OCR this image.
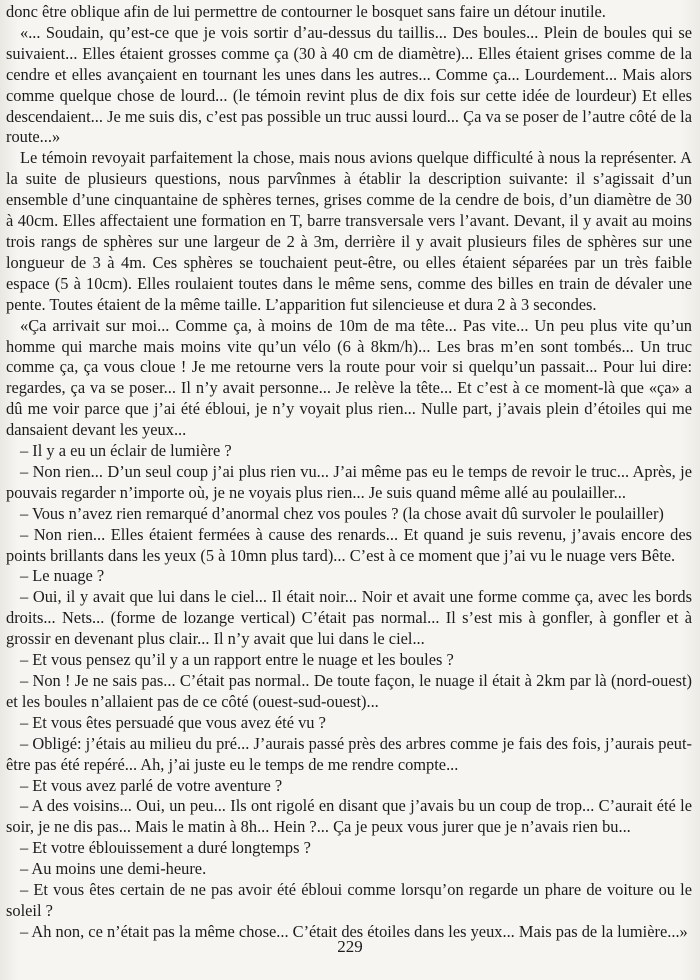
donc être oblique afin de lui permettre de contourner le bosquet sans faire un détour inutile.

«... Soudain, qu’est-ce que je vois sortir d’au-dessus du taillis... Des boules... Plein de boules qui se suivaient... Elles étaient grosses comme ça (30 à 40 cm de diamètre)... Elles étaient grises comme de la cendre et elles avançaient en tournant les unes dans les autres... Comme ça... Lourdement... Mais alors comme quelque chose de lourd... (le témoin revint plus de dix fois sur cette idée de lourdeur) Et elles descendaient... Je me suis dis, c’est pas possible un truc aussi lourd... Ça va se poser de l’autre côté de la route...»

Le témoin revoyait parfaitement la chose, mais nous avions quelque difficulté à nous la représenter. A la suite de plusieurs questions, nous parvînmes à établir la description suivante: il s’agissait d’un ensemble d’une cinquantaine de sphères ternes, grises comme de la cendre de bois, d’un diamètre de 30 à 40cm. Elles affectaient une formation en T, barre transversale vers l’avant. Devant, il y avait au moins trois rangs de sphères sur une largeur de 2 à 3m, derrière il y avait plusieurs files de sphères sur une longueur de 3 à 4m. Ces sphères se touchaient peut-être, ou elles étaient séparées par un très faible espace (5 à 10cm). Elles roulaient toutes dans le même sens, comme des billes en train de dévaler une pente. Toutes étaient de la même taille. L’apparition fut silencieuse et dura 2 à 3 secondes.

«Ça arrivait sur moi... Comme ça, à moins de 10m de ma tête... Pas vite... Un peu plus vite qu’un homme qui marche mais moins vite qu’un vélo (6 à 8km/h)... Les bras m’en sont tombés... Un truc comme ça, ça vous cloue ! Je me retourne vers la route pour voir si quelqu’un passait... Pour lui dire: regardes, ça va se poser... Il n’y avait personne... Je relève la tête... Et c’est à ce moment-là que «ça» a dû me voir parce que j’ai été ébloui, je n’y voyait plus rien... Nulle part, j’avais plein d’étoiles qui me dansaient devant les yeux...

– Il y a eu un éclair de lumière ?

– Non rien... D’un seul coup j’ai plus rien vu... J’ai même pas eu le temps de revoir le truc... Après, je pouvais regarder n’importe où, je ne voyais plus rien... Je suis quand même allé au poulailler...

– Vous n’avez rien remarqué d’anormal chez vos poules ? (la chose avait dû survoler le poulailler)

– Non rien... Elles étaient fermées à cause des renards... Et quand je suis revenu, j’avais encore des points brillants dans les yeux (5 à 10mn plus tard)... C’est à ce moment que j’ai vu le nuage vers Bête.

– Le nuage ?

– Oui, il y avait que lui dans le ciel... Il était noir... Noir et avait une forme comme ça, avec les bords droits... Nets... (forme de lozange vertical) C’était pas normal... Il s’est mis à gonfler, à gonfler et à grossir en devenant plus clair... Il n’y avait que lui dans le ciel...

– Et vous pensez qu’il y a un rapport entre le nuage et les boules ?

– Non ! Je ne sais pas... C’était pas normal.. De toute façon, le nuage il était à 2km par là (nord-ouest) et les boules n’allaient pas de ce côté (ouest-sud-ouest)...

– Et vous êtes persuadé que vous avez été vu ?

– Obligé: j’étais au milieu du pré... J’aurais passé près des arbres comme je fais des fois, j’aurais peut-être pas été repéré... Ah, j’ai juste eu le temps de me rendre compte...

– Et vous avez parlé de votre aventure ?

– A des voisins... Oui, un peu... Ils ont rigolé en disant que j’avais bu un coup de trop... C’aurait été le soir, je ne dis pas... Mais le matin à 8h... Hein ?... Ça je peux vous jurer que je n’avais rien bu...

– Et votre éblouissement a duré longtemps ?

– Au moins une demi-heure.

– Et vous êtes certain de ne pas avoir été ébloui comme lorsqu’on regarde un phare de voiture ou le soleil ?

– Ah non, ce n’était pas la même chose... C’était des étoiles dans les yeux... Mais pas de la lumière...»

229
